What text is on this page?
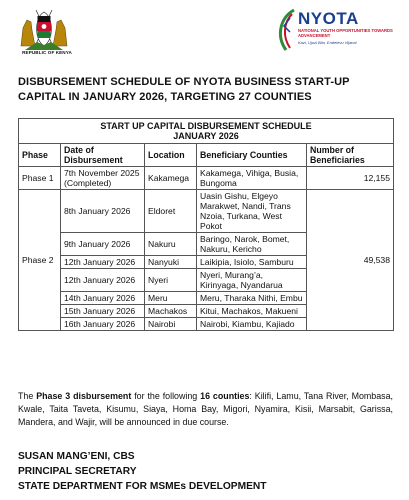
REPUBLIC OF KENYA
NYOTA
NATIONAL YOUTH OPPORTUNITIES TOWARDS ADVANCEMENT
Kazi, Ujuzi Bila, Endelevu Vijana!
DISBURSEMENT SCHEDULE OF NYOTA BUSINESS START-UP CAPITAL IN JANUARY 2026, TARGETING 27 COUNTIES
START UP CAPITAL DISBURSEMENT SCHEDULE
JANUARY 2026				

Phase	Date of Disbursement	Location	Beneficiary Counties	Number of Beneficiaries
Phase 1	7th November 2025 (Completed)	Kakamega	Kakamega, Vihiga, Busia, Bungoma	12,155
Phase 2	8th January 2026	Eldoret	Uasin Gishu, Elgeyo Marakwet, Nandi, Trans Nzoia, Turkana, West Pokot	49,538
	9th January 2026	Nakuru	Baringo, Narok, Bomet, Nakuru, Kericho	
	12th January 2026	Nanyuki	Laikipia, Isiolo, Samburu	
	12th January 2026	Nyeri	Nyeri, Murang’a, Kirinyaga, Nyandarua	
	14th January 2026	Meru	Meru, Tharaka Nithi, Embu	
	15th January 2026	Machakos	Kitui, Machakos, Makueni	
	16th January 2026	Nairobi	Nairobi, Kiambu, Kajiado	
The Phase 3 disbursement for the following 16 counties: Kilifi, Lamu, Tana River, Mombasa, Kwale, Taita Taveta, Kisumu, Siaya, Homa Bay, Migori, Nyamira, Kisii, Marsabit, Garissa, Mandera, and Wajir, will be announced in due course.
SUSAN MANG’ENI, CBS
PRINCIPAL SECRETARY
STATE DEPARTMENT FOR MSMEs DEVELOPMENT
